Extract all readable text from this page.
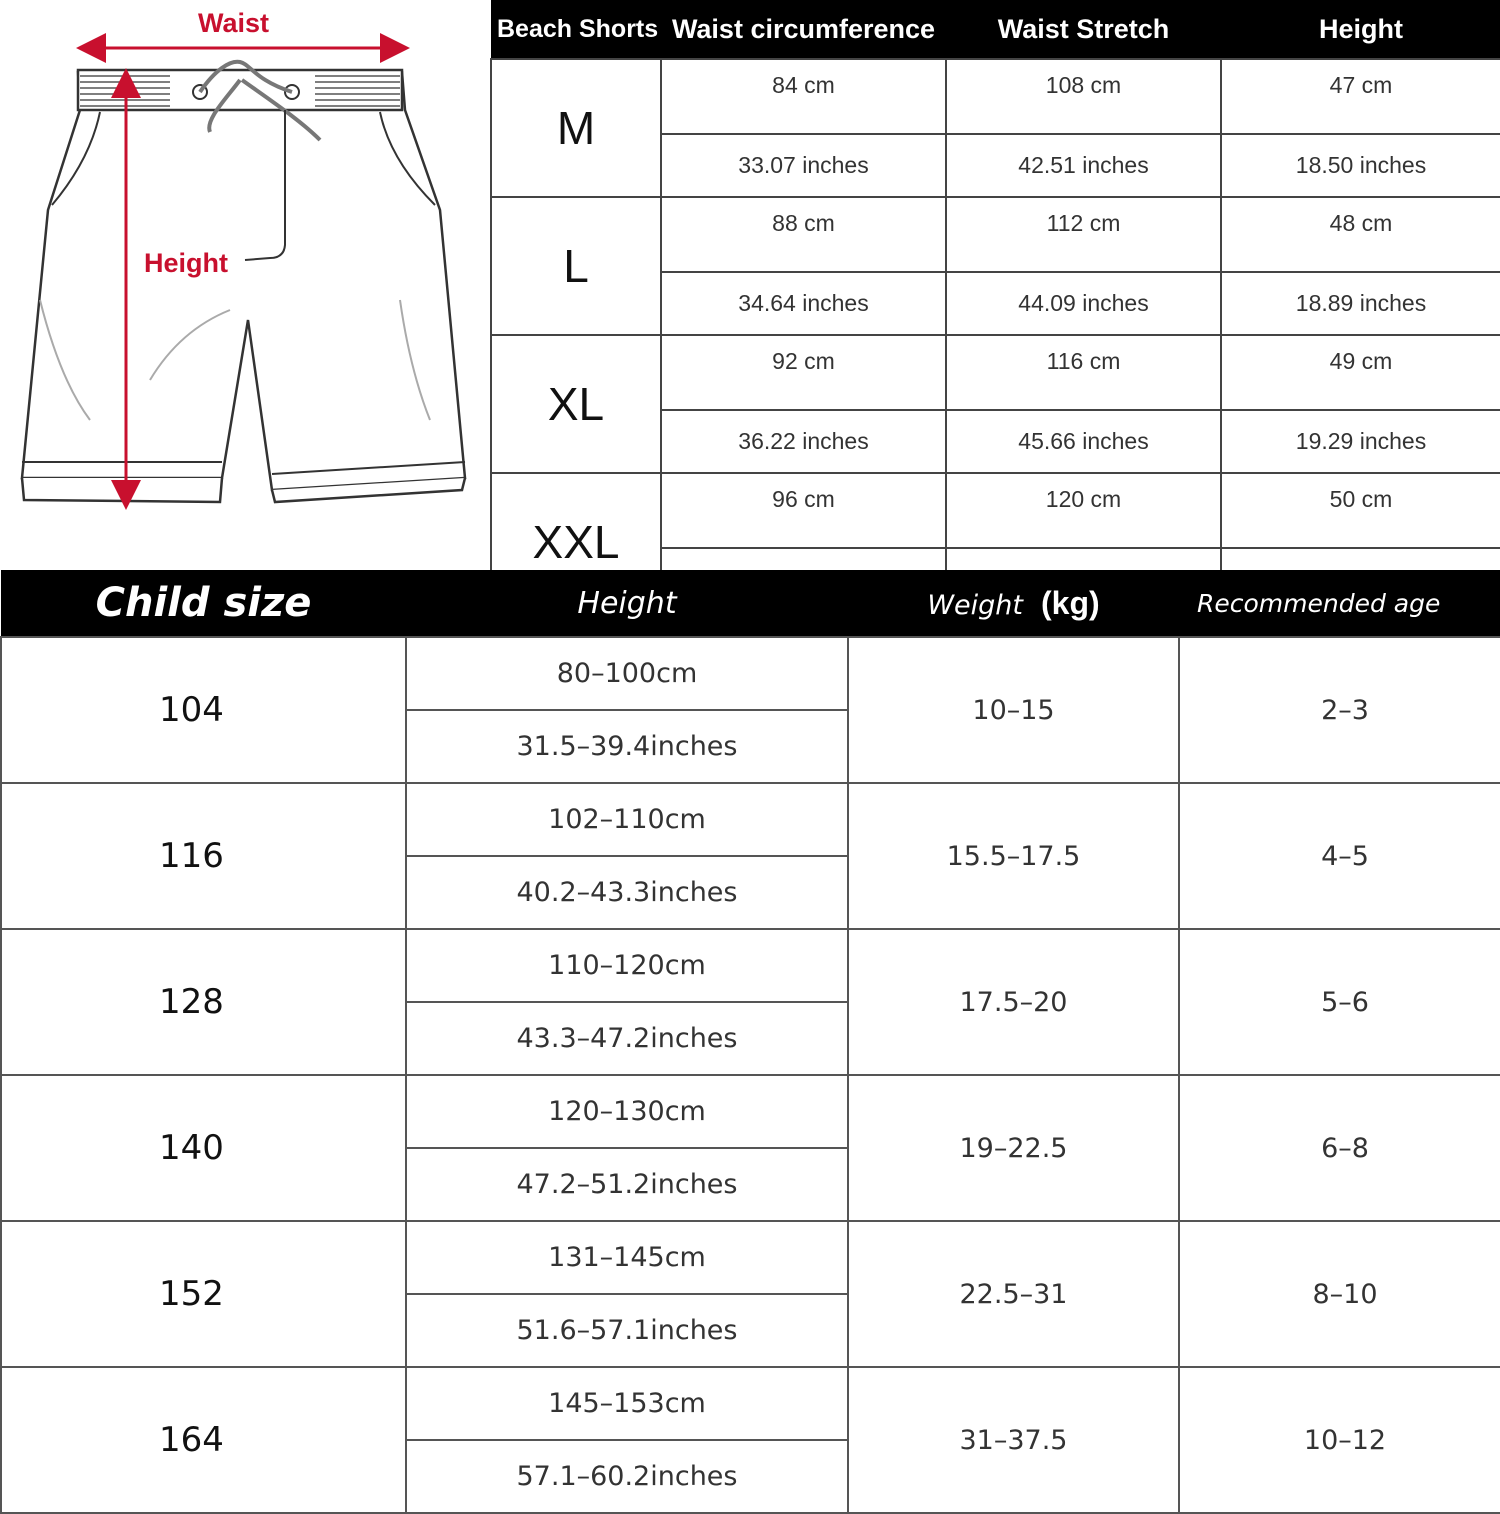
Waist
Height
Beach Shorts	Waist circumference	Waist Stretch	Height
M	84 cm	108 cm	47 cm
	33.07 inches	42.51 inches	18.50 inches
L	88 cm	112 cm	48 cm
	34.64 inches	44.09 inches	18.89 inches
XL	92 cm	116 cm	49 cm
	36.22 inches	45.66 inches	19.29 inches
XXL	96 cm	120 cm	50 cm

Child size	Height	Weight (kg)	Recommended age
104	80–100cm	10–15	2–3
	31.5–39.4inches		
116	102–110cm	15.5–17.5	4–5
	40.2–43.3inches		
128	110–120cm	17.5–20	5–6
	43.3–47.2inches		
140	120–130cm	19–22.5	6–8
	47.2–51.2inches		
152	131–145cm	22.5–31	8–10
	51.6–57.1inches		
164	145–153cm	31–37.5	10–12
	57.1–60.2inches		
